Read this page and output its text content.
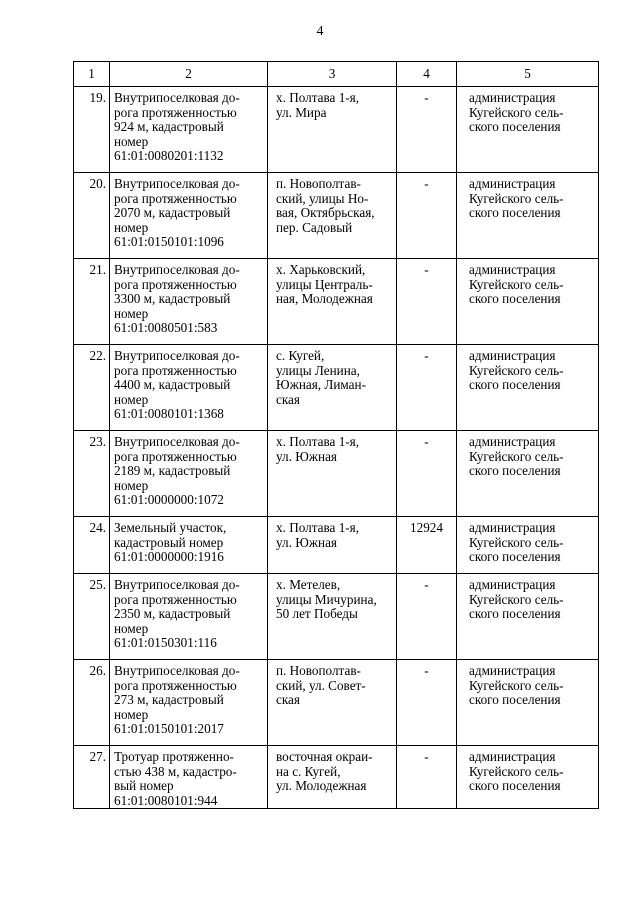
4
1	2	3	4	5
19.	Внутрипоселковая до-
рога протяженностью
924 м, кадастровый
номер
61:01:0080201:1132	х. Полтава 1-я,
ул. Мира	-	администрация
Кугейского сель-
ского поселения

20.	Внутрипоселковая до-
рога протяженностью
2070 м, кадастровый
номер
61:01:0150101:1096	п. Новополтав-
ский, улицы Но-
вая, Октябрьская,
пер. Садовый	-	администрация
Кугейского сель-
ского поселения

21.	Внутрипоселковая до-
рога протяженностью
3300 м, кадастровый
номер
61:01:0080501:583	х. Харьковский,
улицы Централь-
ная, Молодежная	-	администрация
Кугейского сель-
ского поселения

22.	Внутрипоселковая до-
рога протяженностью
4400 м, кадастровый
номер
61:01:0080101:1368	с. Кугей,
улицы Ленина,
Южная, Лиман-
ская	-	администрация
Кугейского сель-
ского поселения

23.	Внутрипоселковая до-
рога протяженностью
2189 м, кадастровый
номер
61:01:0000000:1072	х. Полтава 1-я,
ул. Южная	-	администрация
Кугейского сель-
ского поселения

24.	Земельный участок,
кадастровый номер
61:01:0000000:1916	х. Полтава 1-я,
ул. Южная	12924	администрация
Кугейского сель-
ского поселения

25.	Внутрипоселковая до-
рога протяженностью
2350 м, кадастровый
номер
61:01:0150301:116	х. Метелев,
улицы Мичурина,
50 лет Победы	-	администрация
Кугейского сель-
ского поселения

26.	Внутрипоселковая до-
рога протяженностью
273 м, кадастровый
номер
61:01:0150101:2017	п. Новополтав-
ский, ул. Совет-
ская	-	администрация
Кугейского сель-
ского поселения

27.	Тротуар протяженно-
стью 438 м, кадастро-
вый номер
61:01:0080101:944	восточная окраи-
на с. Кугей,
ул. Молодежная	-	администрация
Кугейского сель-
ского поселения
